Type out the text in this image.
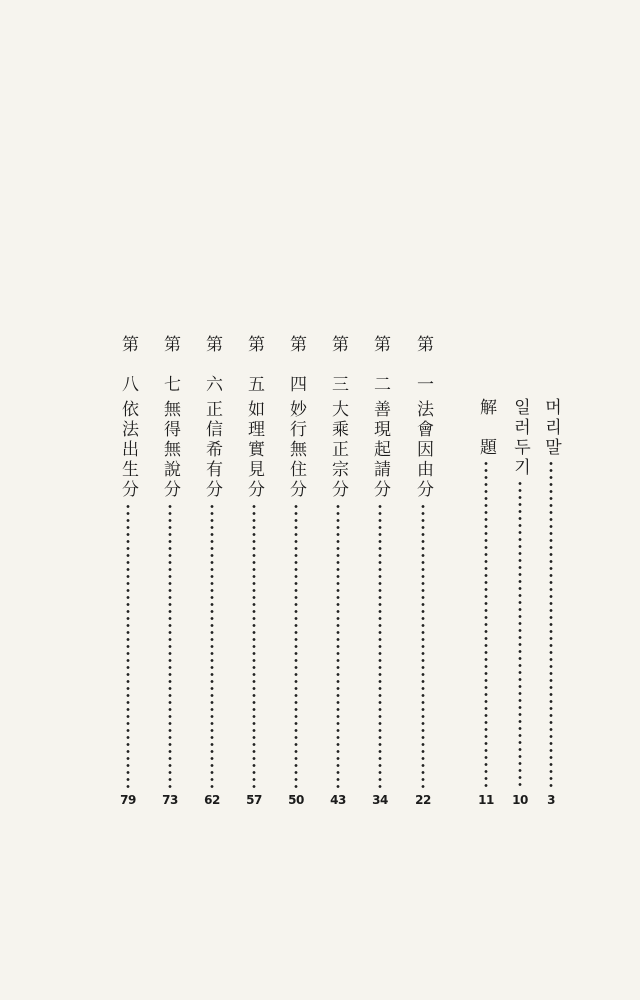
머리말
3
일러두기
10
解　題
11
第　一
法會因由分
22
第　二
善現起請分
34
第　三
大乘正宗分
43
第　四
妙行無住分
50
第　五
如理實見分
57
第　六
正信希有分
62
第　七
無得無說分
73
第　八
依法出生分
79
